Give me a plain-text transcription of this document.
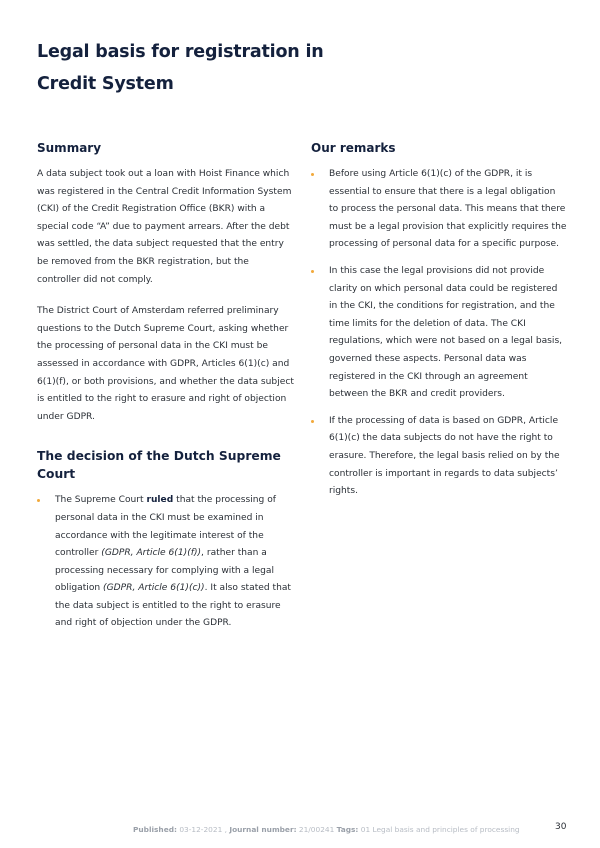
Legal basis for registration in Credit System
Summary

A data subject took out a loan with Hoist Finance which was registered in the Central Credit Information System (CKI) of the Credit Registration Office (BKR) with a special code “A” due to payment arrears. After the debt was settled, the data subject requested that the entry be removed from the BKR registration, but the controller did not comply.

The District Court of Amsterdam referred preliminary questions to the Dutch Supreme Court, asking whether the processing of personal data in the CKI must be assessed in accordance with GDPR, Articles 6(1)(c) and 6(1)(f), or both provisions, and whether the data subject is entitled to the right to erasure and right of objection under GDPR.

The decision of the Dutch Supreme Court
The Supreme Court ruled that the processing of personal data in the CKI must be examined in accordance with the legitimate interest of the controller (GDPR, Article 6(1)(f)), rather than a processing necessary for complying with a legal obligation (GDPR, Article 6(1)(c)). It also stated that the data subject is entitled to the right to erasure and right of objection under the GDPR.
Our remarks
Before using Article 6(1)(c) of the GDPR, it is essential to ensure that there is a legal obligation to process the personal data. This means that there must be a legal provision that explicitly requires the processing of personal data for a specific purpose.
In this case the legal provisions did not provide clarity on which personal data could be registered in the CKI, the conditions for registration, and the time limits for the deletion of data. The CKI regulations, which were not based on a legal basis, governed these aspects. Personal data was registered in the CKI through an agreement between the BKR and credit providers.
If the processing of data is based on GDPR, Article 6(1)(c) the data subjects do not have the right to erasure. Therefore, the legal basis relied on by the controller is important in regards to data subjects’ rights.
Published: 03-12-2021 , Journal number: 21/00241 Tags: 01 Legal basis and principles of processing	30
